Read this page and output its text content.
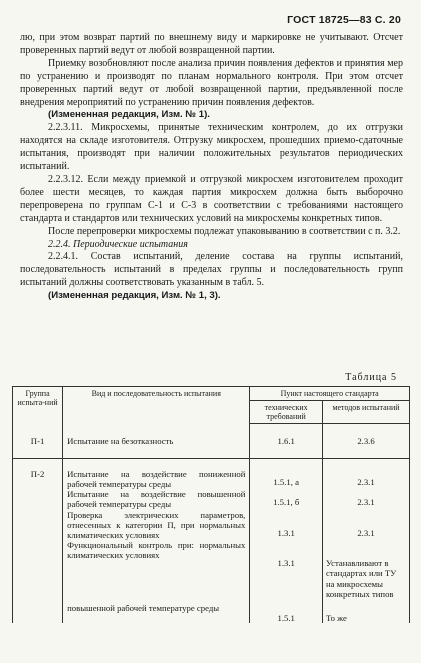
ГОСТ 18725—83 С. 20

лю, при этом возврат партий по внешнему виду и маркировке не учитывают. Отсчет проверенных партий ведут от любой возвращенной партии.

Приемку возобновляют после анализа причин появления дефектов и принятия мер по устранению и производят по планам нормального контроля. При этом отсчет проверенных партий ведут от любой возвращенной партии, предъявленной после внедрения мероприятий по устранению причин появления дефектов.

(Измененная редакция, Изм. № 1).

2.2.3.11. Микросхемы, принятые техническим контролем, до их отгрузки находятся на складе изготовителя. Отгрузку микросхем, прошедших приемо-сдаточные испытания, производят при наличии положительных результатов периодических испытаний.

2.2.3.12. Если между приемкой и отгрузкой микросхем изготовителем проходит более шести месяцев, то каждая партия микросхем должна быть выборочно перепроверена по группам С-1 и С-3 в соответствии с требованиями настоящего стандарта и стандартов или технических условий на микросхемы конкретных типов.

После перепроверки микросхемы подлежат упаковыванию в соответствии с п. 3.2.

2.2.4. Периодические испытания

2.2.4.1. Состав испытаний, деление состава на группы испытаний, последовательность испытаний в пределах группы и последовательность групп испытаний должны соответствовать указанным в табл. 5.

(Измененная редакция, Изм. № 1, 3).

Таблица 5
Группа испыта-ний	Вид и последовательность испытания	Пункт настоящего стандарта	
		технических требований	методов испытаний
П-1	Испытание на безотказность	1.6.1	2.3.6
П-2	Испытание на воздействие пониженной рабочей температуры среды	1.5.1, а	2.3.1
	Испытание на воздействие повышенной рабочей температуры среды	1.5.1, б	2.3.1
	Проверка электрических параметров, отнесенных к категории П, при нормальных климатических условиях	1.3.1	2.3.1
	Функциональный контроль при: нормальных климатических условиях	1.3.1	Устанавливают в стандартах или ТУ на микросхемы конкретных типов
	повышенной рабочей температуре среды	1.5.1	То же
